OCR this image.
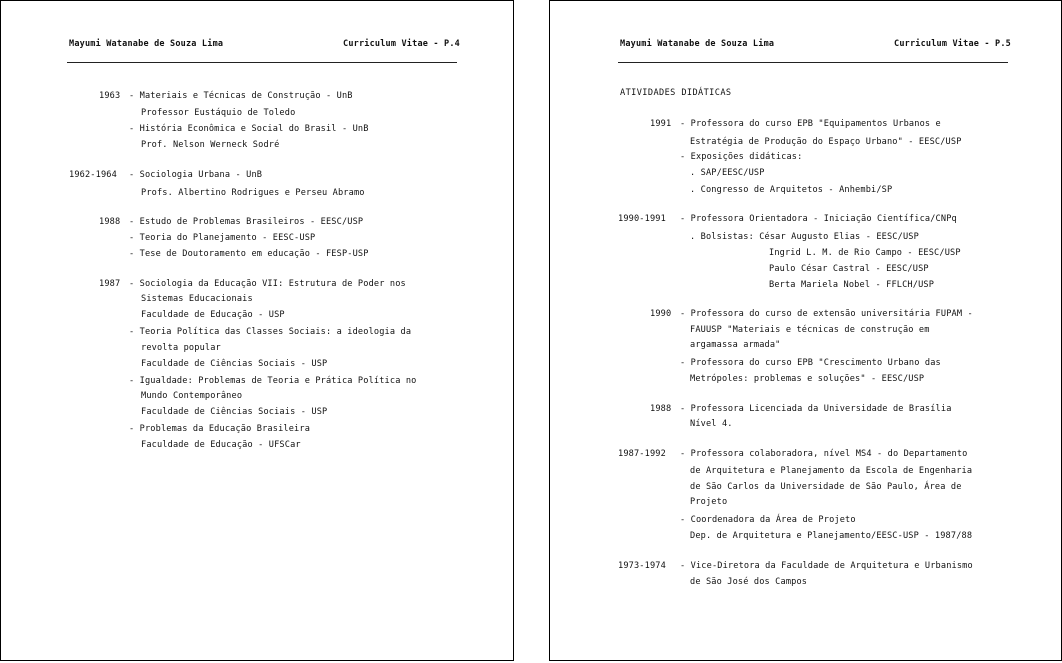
Mayumi Watanabe de Souza Lima	Curriculum Vitae - P.4
1963 - Materiais e Técnicas de Construção - UnB
Professor Eustáquio de Toledo
- História Econômica e Social do Brasil - UnB
Prof. Nelson Werneck Sodré
1962-1964 - Sociologia Urbana - UnB
Profs. Albertino Rodrigues e Perseu Abramo
1988 - Estudo de Problemas Brasileiros - EESC/USP
- Teoria do Planejamento - EESC-USP
- Tese de Doutoramento em educação - FESP-USP
1987 - Sociologia da Educação VII: Estrutura de Poder nos
Sistemas Educacionais
Faculdade de Educação - USP
- Teoria Política das Classes Sociais: a ideologia da
revolta popular
Faculdade de Ciências Sociais - USP
- Igualdade: Problemas de Teoria e Prática Política no
Mundo Contemporâneo
Faculdade de Ciências Sociais - USP
- Problemas da Educação Brasileira
Faculdade de Educação - UFSCar
Mayumi Watanabe de Souza Lima	Curriculum Vitae - P.5
ATIVIDADES DIDÁTICAS
1991 - Professora do curso EPB "Equipamentos Urbanos e
Estratégia de Produção do Espaço Urbano" - EESC/USP
- Exposições didáticas:
. SAP/EESC/USP
. Congresso de Arquitetos - Anhembi/SP
1990-1991 - Professora Orientadora - Iniciação Científica/CNPq
. Bolsistas: César Augusto Elias - EESC/USP
Ingrid L. M. de Rio Campo - EESC/USP
Paulo César Castral - EESC/USP
Berta Mariela Nobel - FFLCH/USP
1990 - Professora do curso de extensão universitária FUPAM -
FAUUSP "Materiais e técnicas de construção em
argamassa armada"
- Professora do curso EPB "Crescimento Urbano das
Metrópoles: problemas e soluções" - EESC/USP
1988 - Professora Licenciada da Universidade de Brasília
Nível 4.
1987-1992 - Professora colaboradora, nível MS4 - do Departamento
de Arquitetura e Planejamento da Escola de Engenharia
de São Carlos da Universidade de São Paulo, Área de
Projeto
- Coordenadora da Área de Projeto
Dep. de Arquitetura e Planejamento/EESC-USP - 1987/88
1973-1974 - Vice-Diretora da Faculdade de Arquitetura e Urbanismo
de São José dos Campos
